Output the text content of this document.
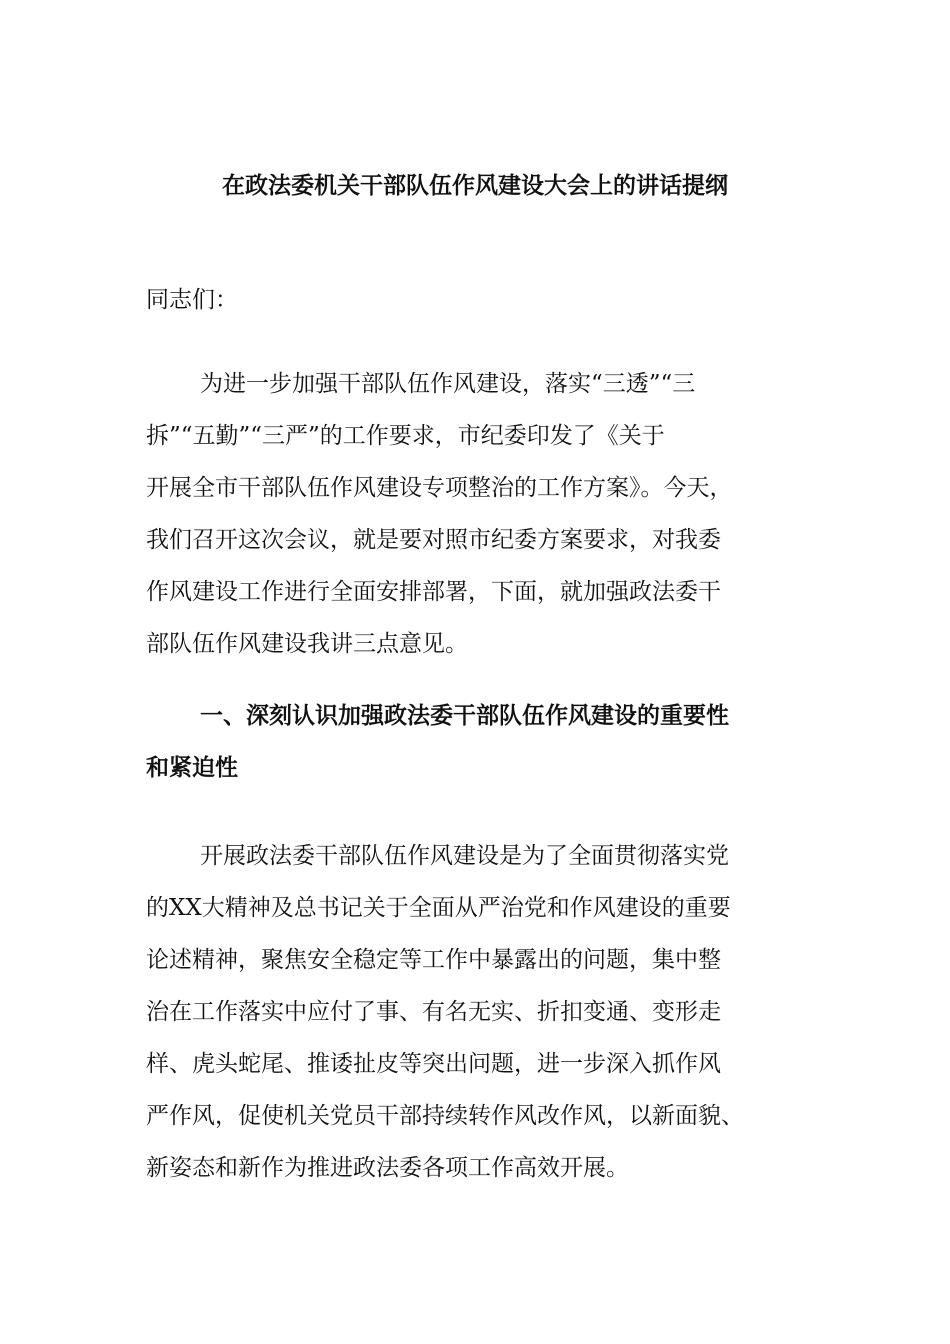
在政法委机关干部队伍作风建设大会上的讲话提纲

同志们：

为进一步加强干部队伍作风建设，落实“三透”“三
拆”“五勤”“三严”的工作要求，市纪委印发了《关于
开展全市干部队伍作风建设专项整治的工作方案》。今天，
我们召开这次会议，就是要对照市纪委方案要求，对我委
作风建设工作进行全面安排部署，下面，就加强政法委干
部队伍作风建设我讲三点意见。
一、深刻认识加强政法委干部队伍作风建设的重要性
和紧迫性
开展政法委干部队伍作风建设是为了全面贯彻落实党
的XX大精神及总书记关于全面从严治党和作风建设的重要
论述精神，聚焦安全稳定等工作中暴露出的问题，集中整
治在工作落实中应付了事、有名无实、折扣变通、变形走
样、虎头蛇尾、推诿扯皮等突出问题，进一步深入抓作风
严作风，促使机关党员干部持续转作风改作风，以新面貌、
新姿态和新作为推进政法委各项工作高效开展。
